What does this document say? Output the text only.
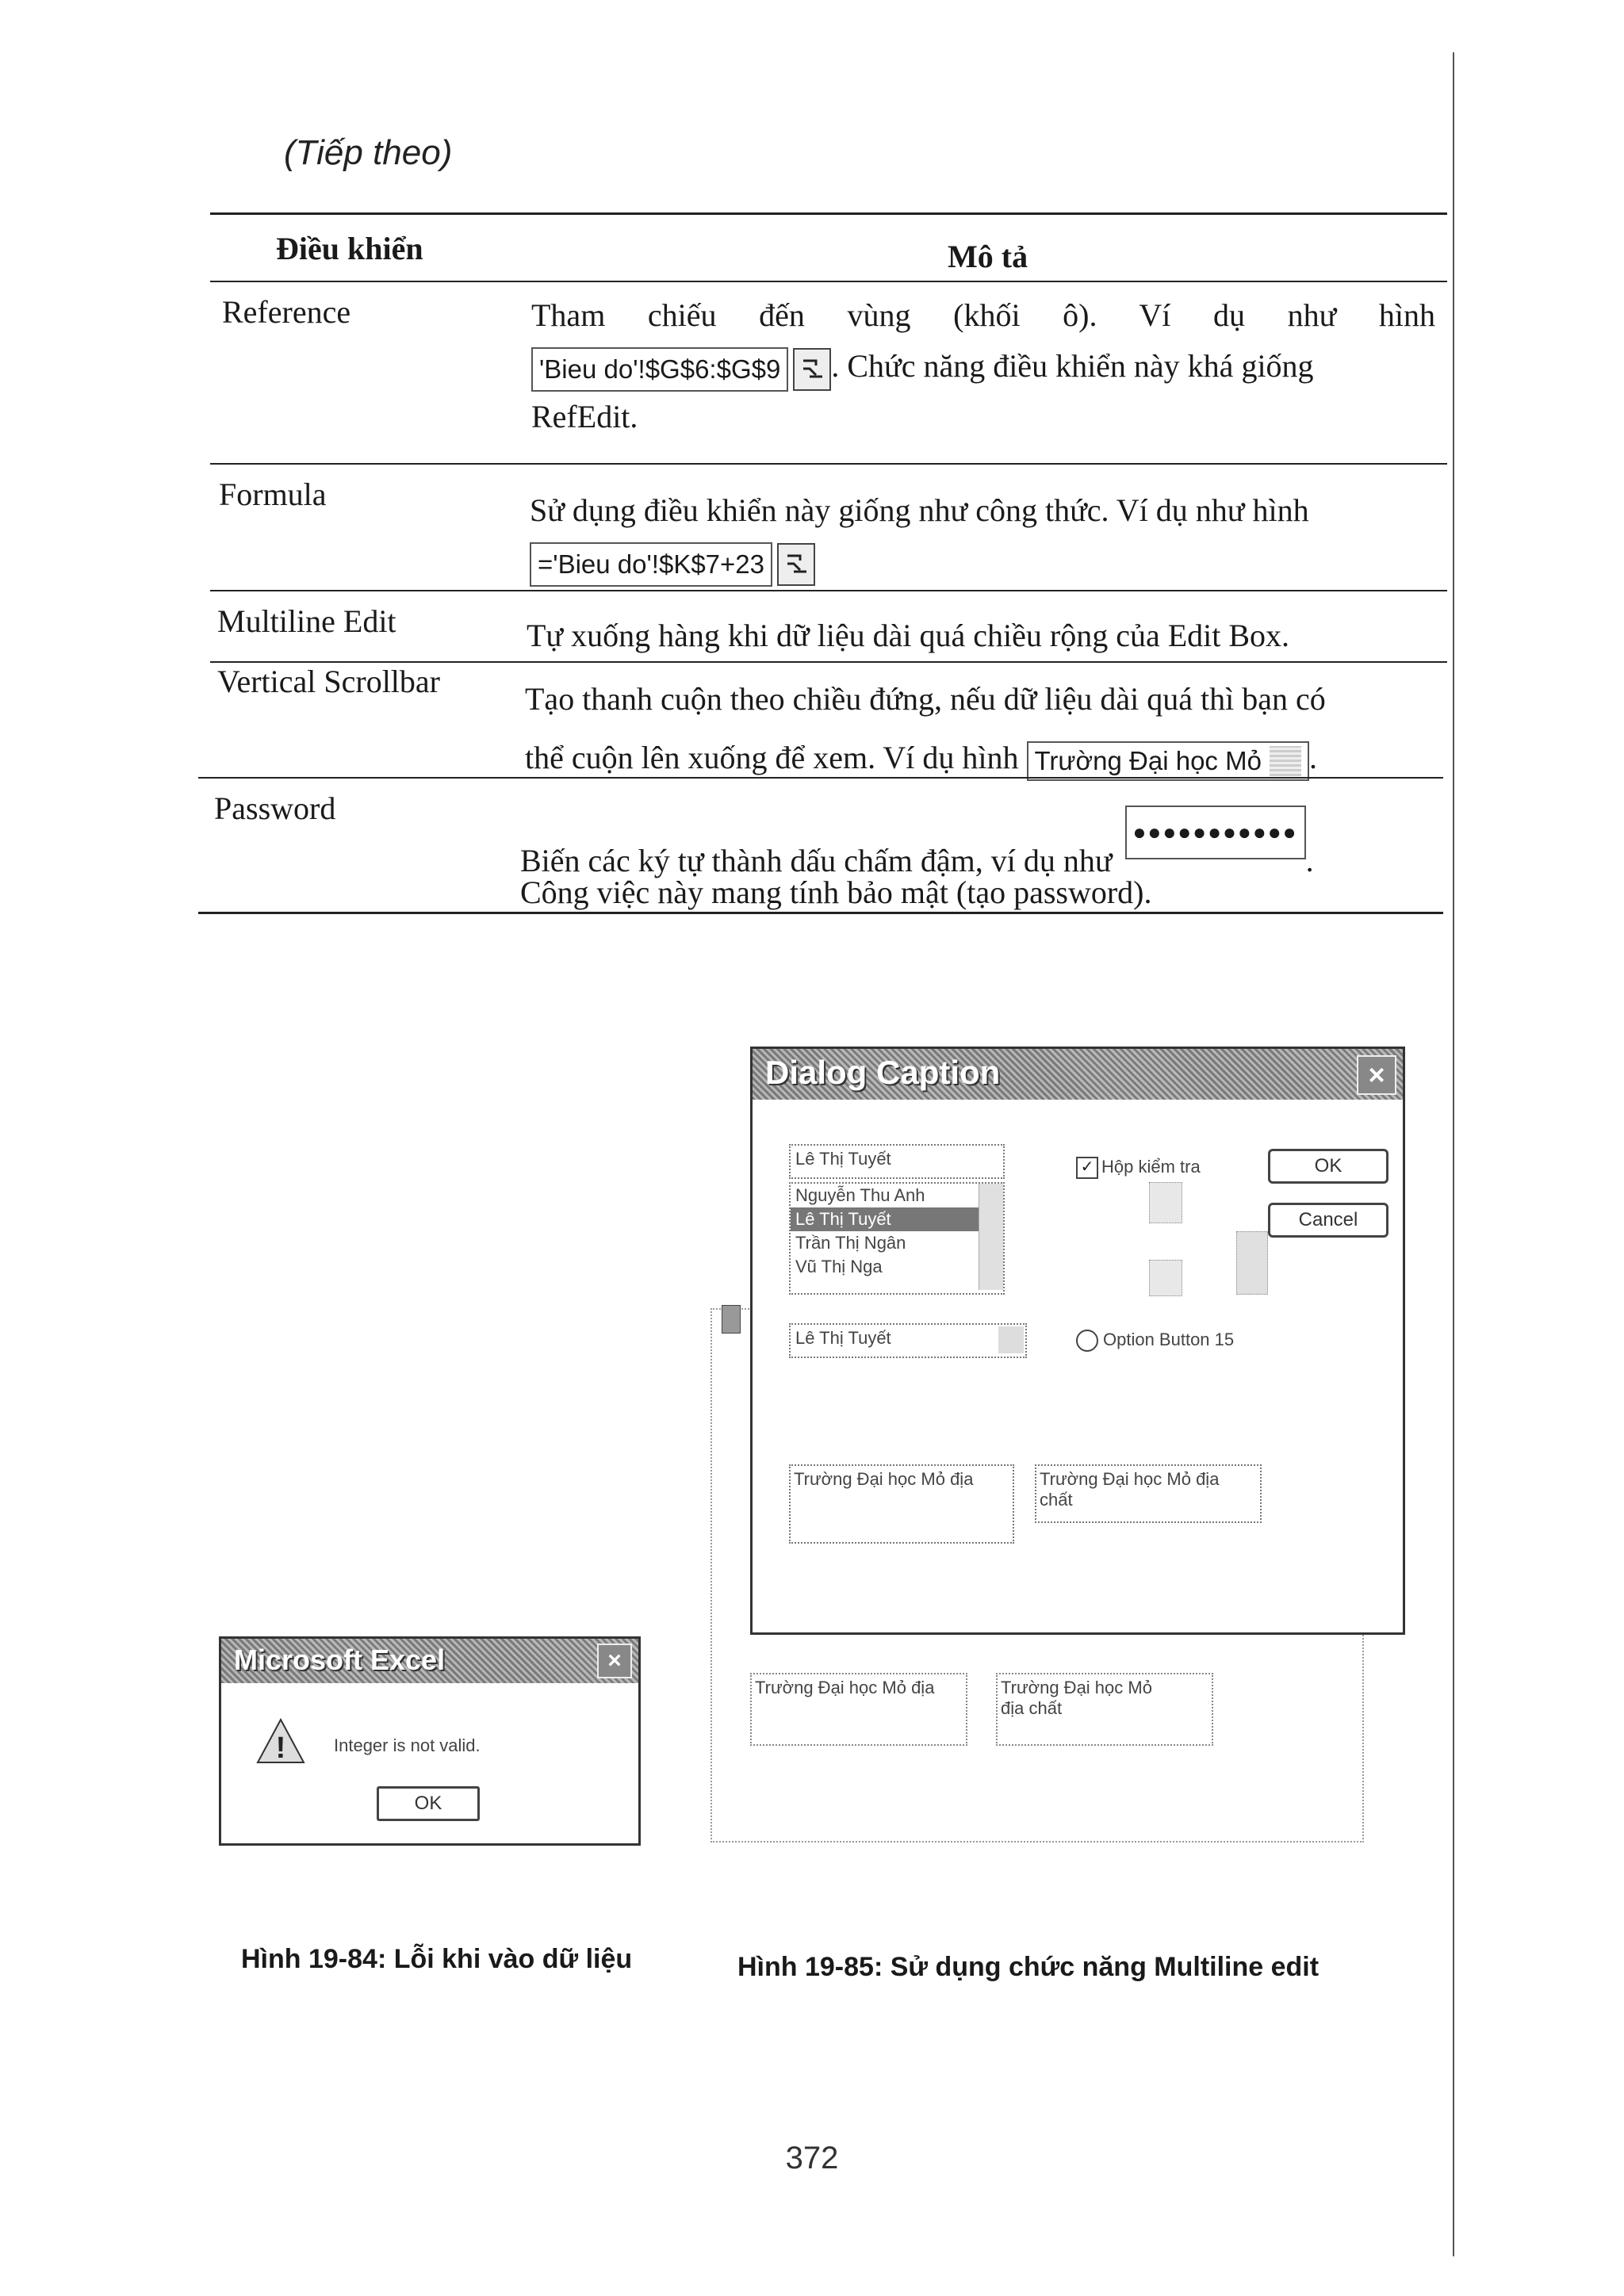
(Tiếp theo)
Điều khiển	Mô tả
Reference	Tham chiếu đến vùng (khối ô). Ví dụ như hình
'Bieu do'!$G$6:$G$9 . Chức năng điều khiển này khá giống
RefEdit.
Formula	Sử dụng điều khiển này giống như công thức. Ví dụ như hình
='Bieu do'!$K$7+23
Multiline Edit	Tự xuống hàng khi dữ liệu dài quá chiều rộng của Edit Box.
Vertical Scrollbar	Tạo thanh cuộn theo chiều đứng, nếu dữ liệu dài quá thì bạn có
thể cuộn lên xuống để xem. Ví dụ hình Trường Đại học Mỏ .
Password
Biến các ký tự thành dấu chấm đậm, ví dụ như
●●●●●●●●●●●
.
Công việc này mang tính bảo mật (tạo password).
Trường Đại học Mỏ địa	Trường Đại học Mỏ địa chất
Dialog Caption	×
Lê Thị Tuyết
Nguyễn Thu Anh
Lê Thị Tuyết
Trần Thị Ngân
Vũ Thị Nga
Lê Thị Tuyết
✓ Hộp kiểm tra
Option Button 15
OK
Cancel
Trường Đại học Mỏ địa	Trường Đại học Mỏ địa chất
Microsoft Excel	×
!	Integer is not valid.
OK
Hình 19-84: Lỗi khi vào dữ liệu	Hình 19-85: Sử dụng chức năng Multiline edit
372
